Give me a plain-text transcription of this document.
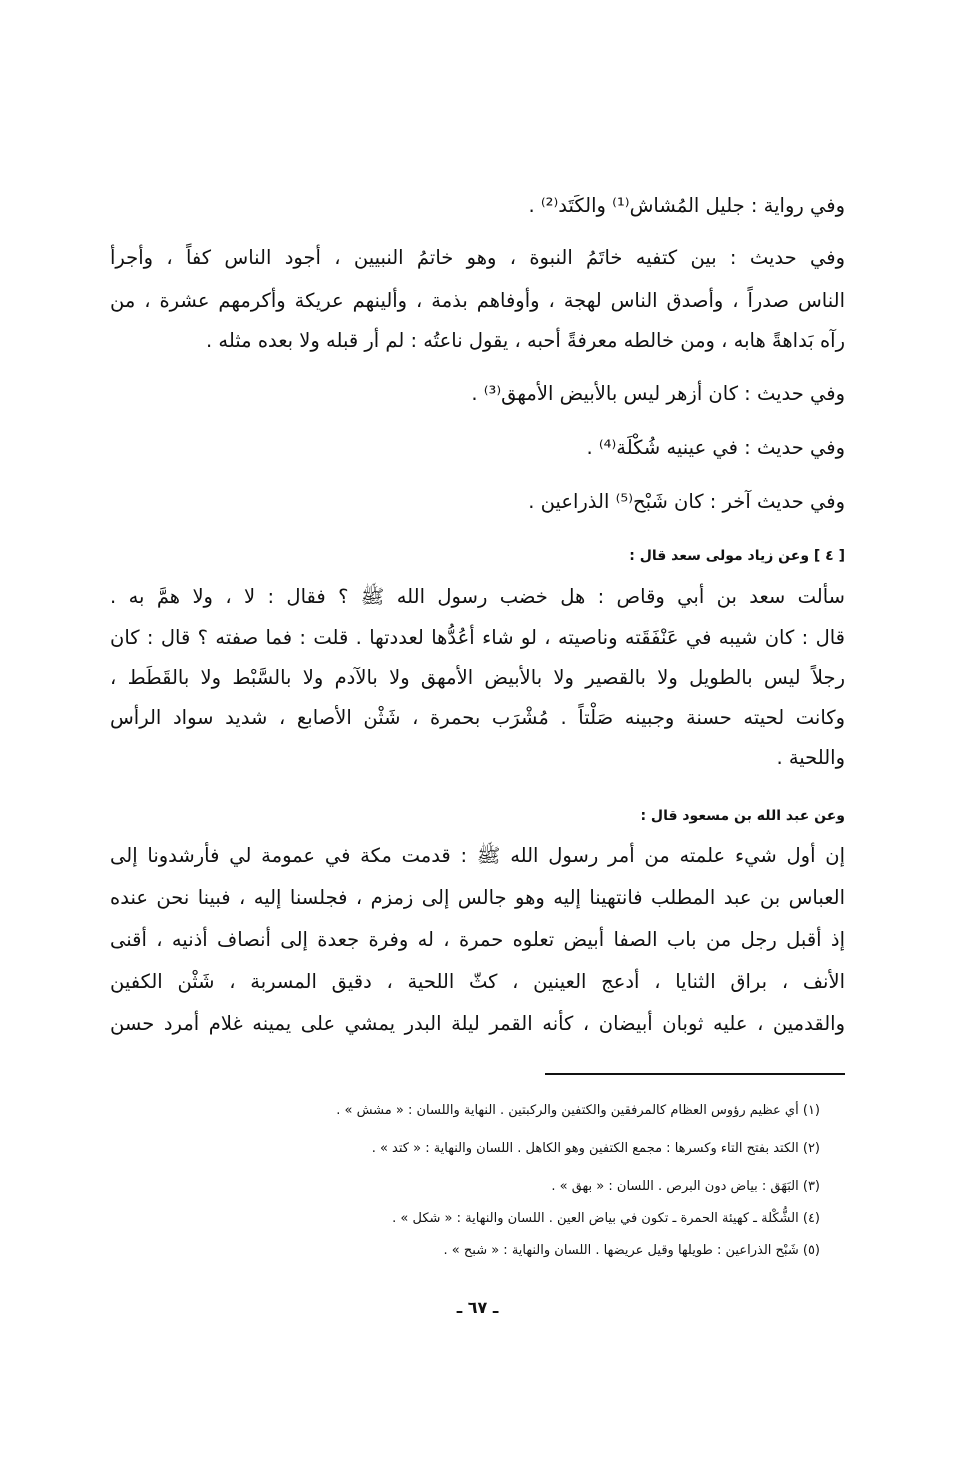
وفي رواية : جليل المُشاش⁽¹⁾ والكَتَد⁽²⁾ .

وفي حديث : بين كتفيه خاتَمُ النبوة ، وهو خاتمُ النبيين ، أجود الناس كفاً ، وأجرأ

الناس صدراً ، وأصدق الناس لهجة ، وأوفاهم بذمة ، وألينهم عريكة وأكرمهم عشرة ، من

رآه بَداهةً هابه ، ومن خالطه معرفةً أحبه ، يقول ناعتُه : لم أر قبله ولا بعده مثله .

وفي حديث : كان أزهر ليس بالأبيض الأمهق⁽³⁾ .

وفي حديث : في عينيه شُكْلَة⁽⁴⁾ .

وفي حديث آخر : كان شَبْح⁽⁵⁾ الذراعين .

[ ٤ ] وعن زياد مولى سعد قال :

سألت سعد بن أبي وقاص : هل خضب رسول الله ﷺ ؟ فقال : لا ، ولا همَّ به .

قال : كان شيبه في عَنْفَقَته وناصيته ، لو شاء أعُدُّها لعددتها . قلت : فما صفته ؟ قال : كان

رجلاً ليس بالطويل ولا بالقصير ولا بالأبيض الأمهق ولا بالآدم ولا بالسَّبْط ولا بالقَطَط ،

وكانت لحيته حسنة وجبينه صَلْتاً . مُشْرَب بحمرة ، شَثْن الأصابع ، شديد سواد الرأس

واللحية .

وعن عبد الله بن مسعود قال :

إن أول شيء علمته من أمر رسول الله ﷺ : قدمت مكة في عمومة لي فأرشدونا إلى

العباس بن عبد المطلب فانتهينا إليه وهو جالس إلى زمزم ، فجلسنا إليه ، فبينا نحن عنده

إذ أقبل رجل من باب الصفا أبيض تعلوه حمرة ، له وفرة جعدة إلى أنصاف أذنيه ، أقنى

الأنف ، براق الثنايا ، أدعج العينين ، كثّ اللحية ، دقيق المسربة ، شَثْن الكفين

والقدمين ، عليه ثوبان أبيضان ، كأنه القمر ليلة البدر يمشي على يمينه غلام أمرد حسن

(١) أي عظيم رؤوس العظام كالمرفقين والكتفين والركبتين . النهاية واللسان : « مشش » .

(٢) الكتد بفتح التاء وكسرها : مجمع الكتفين وهو الكاهل . اللسان والنهاية : « كتد » .

(٣) البَهَق : بياض دون البرص . اللسان : « بهق » .

(٤) الشُّكْلة ـ كهيئة الحمرة ـ تكون في بياض العين . اللسان والنهاية : « شكل » .

(٥) شَبْح الذراعين : طويلها وقيل عريضها . اللسان والنهاية : « شبح » .

ـ ٦٧ ـ
